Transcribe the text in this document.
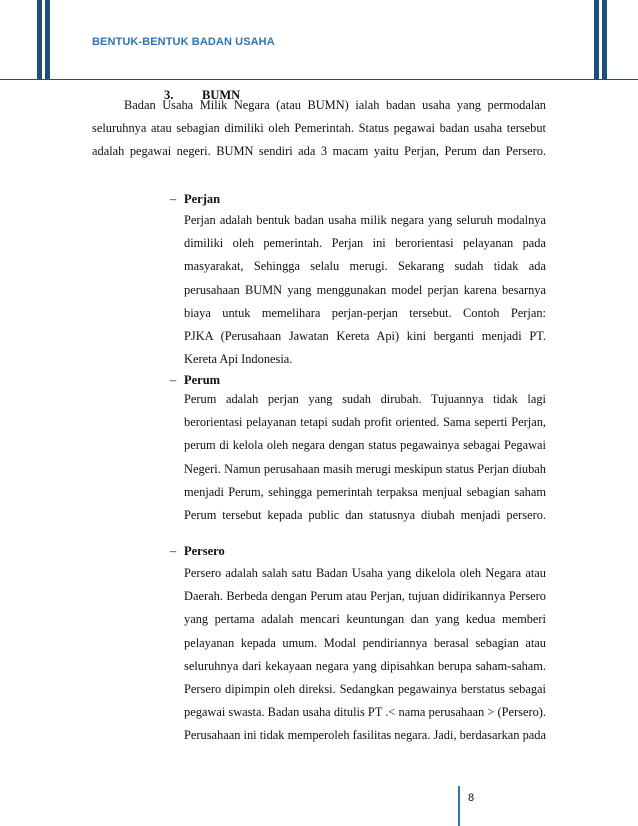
BENTUK-BENTUK BADAN USAHA
3. BUMN
Badan Usaha Milik Negara (atau BUMN) ialah badan usaha yang permodalan
seluruhnya atau sebagian dimiliki oleh Pemerintah. Status pegawai badan usaha tersebut
adalah pegawai negeri. BUMN sendiri ada 3 macam yaitu Perjan, Perum dan Persero.
– Perjan
Perjan adalah bentuk badan usaha milik negara yang seluruh modalnya
dimiliki oleh pemerintah. Perjan ini berorientasi pelayanan pada
masyarakat, Sehingga selalu merugi. Sekarang sudah tidak ada
perusahaan BUMN yang menggunakan model perjan karena besarnya
biaya untuk memelihara perjan-perjan tersebut. Contoh Perjan:
PJKA (Perusahaan Jawatan Kereta Api) kini berganti menjadi PT.
Kereta Api Indonesia.
– Perum
Perum adalah perjan yang sudah dirubah. Tujuannya tidak lagi
berorientasi pelayanan tetapi sudah profit oriented. Sama seperti Perjan,
perum di kelola oleh negara dengan status pegawainya sebagai Pegawai
Negeri. Namun perusahaan masih merugi meskipun status Perjan diubah
menjadi Perum, sehingga pemerintah terpaksa menjual sebagian saham
Perum tersebut kepada public dan statusnya diubah menjadi persero.
– Persero
Persero adalah salah satu Badan Usaha yang dikelola oleh Negara atau
Daerah. Berbeda dengan Perum atau Perjan, tujuan didirikannya Persero
yang pertama adalah mencari keuntungan dan yang kedua memberi
pelayanan kepada umum. Modal pendiriannya berasal sebagian atau
seluruhnya dari kekayaan negara yang dipisahkan berupa saham-saham.
Persero dipimpin oleh direksi. Sedangkan pegawainya berstatus sebagai
pegawai swasta. Badan usaha ditulis PT .< nama perusahaan > (Persero).
Perusahaan ini tidak memperoleh fasilitas negara. Jadi, berdasarkan pada
8
